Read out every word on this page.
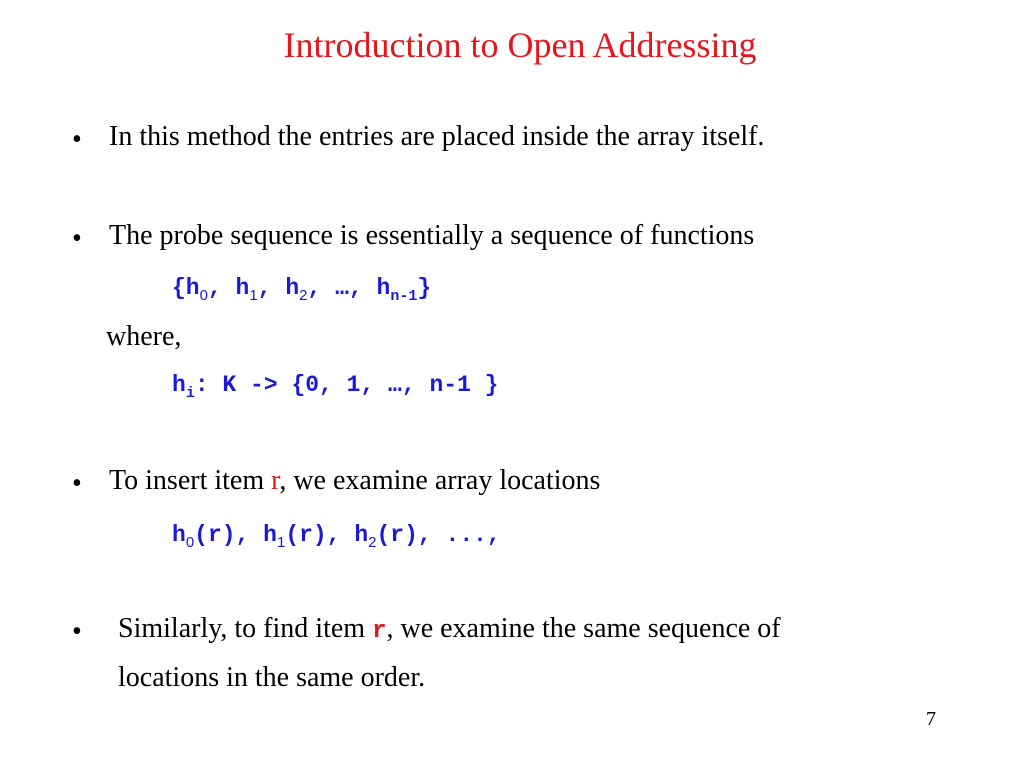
Introduction to Open Addressing
• In this method the entries are placed inside the array itself.
• The probe sequence is essentially a sequence of functions
{$h_0$, $h_1$, $h_2$, …, $h_{n-1}$}
where,
$h_i$: K -> {0, 1, …, n-1 }
• To insert item r, we examine array locations
$h_0(r)$, $h_1(r)$, $h_2(r)$, ...,
• Similarly, to find item r, we examine the same sequence of
locations in the same order.
7
